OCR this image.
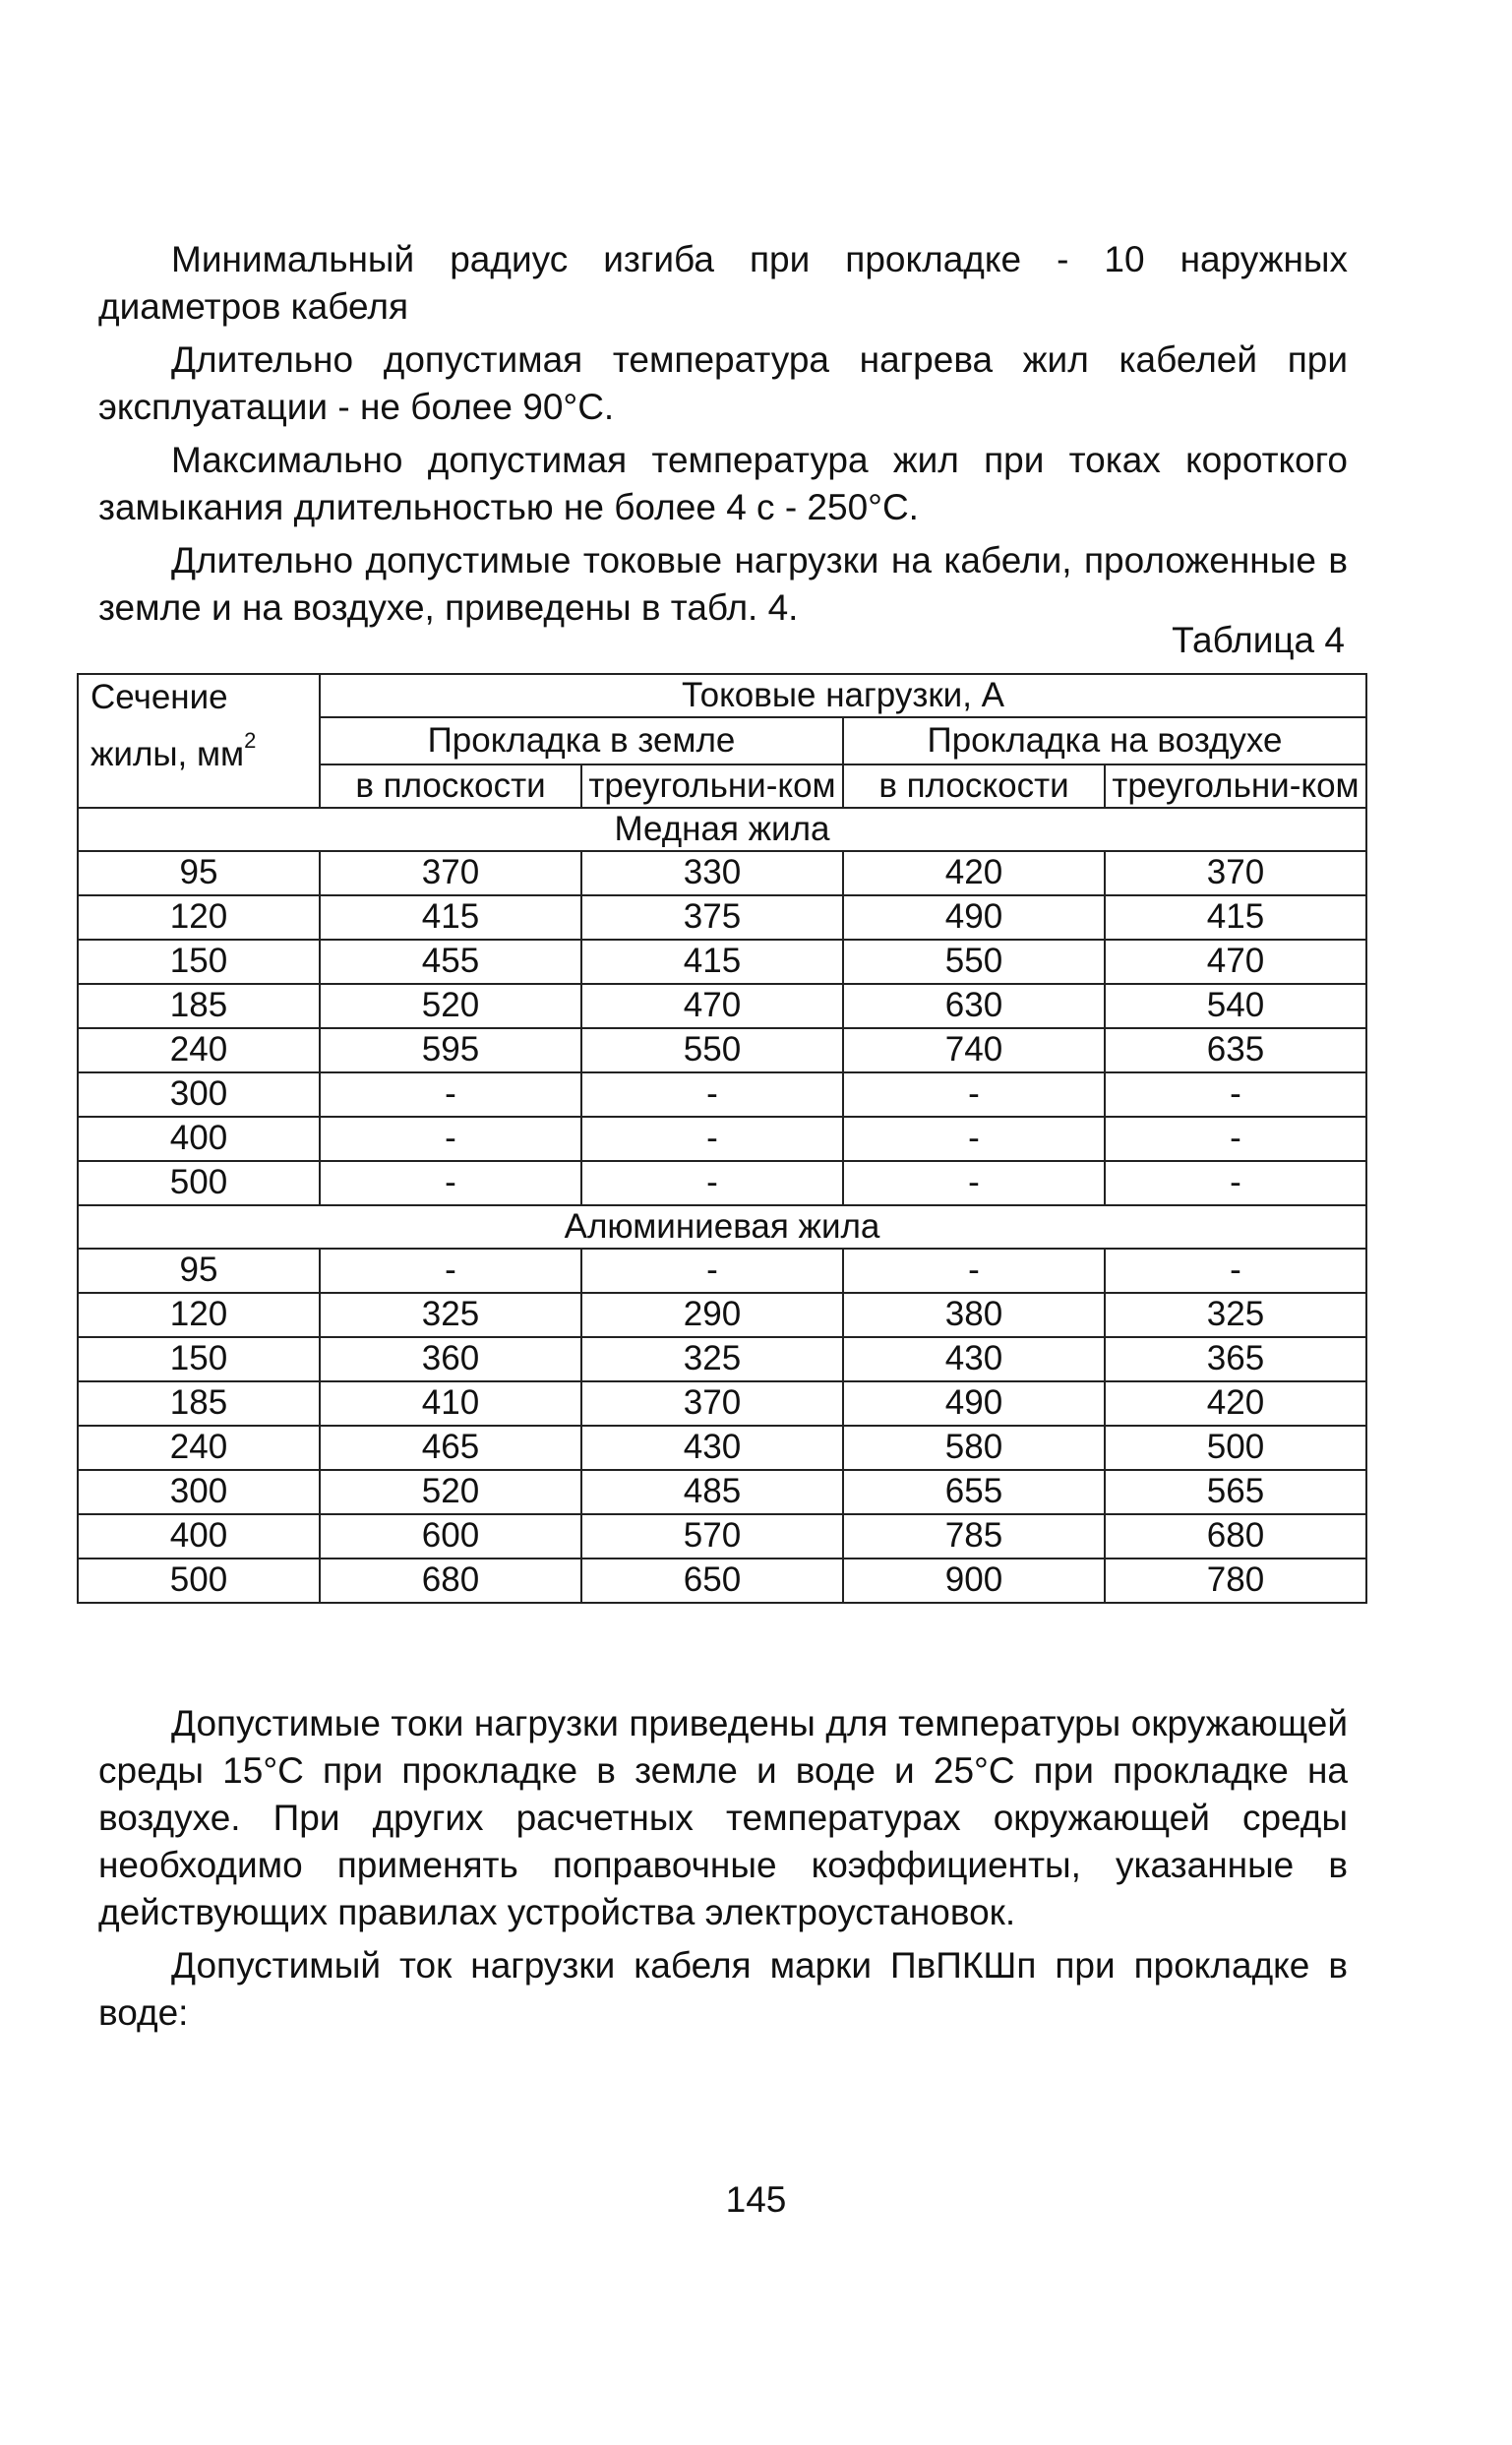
Минимальный радиус изгиба при прокладке - 10 наружных диаметров кабеля

Длительно допустимая температура нагрева жил кабелей при эксплуатации - не более 90°С.

Максимально допустимая температура жил при токах короткого замыкания длительностью не более 4 с - 250°С.

Длительно допустимые токовые нагрузки на кабели, проложенные в земле и на воздухе, приведены в табл. 4.

Таблица 4
Сечение жилы, $мм^2$	Токовые нагрузки, А			
	Прокладка в земле		Прокладка на воздухе	
	в плоскости	треугольни-ком	в плоскости	треугольни-ком
Медная жила				
95	370	330	420	370
120	415	375	490	415
150	455	415	550	470
185	520	470	630	540
240	595	550	740	635
300	-	-	-	-
400	-	-	-	-
500	-	-	-	-
Алюминиевая жила				
95	-	-	-	-
120	325	290	380	325
150	360	325	430	365
185	410	370	490	420
240	465	430	580	500
300	520	485	655	565
400	600	570	785	680
500	680	650	900	780

Допустимые токи нагрузки приведены для температуры окружающей среды 15°С при прокладке в земле и воде и 25°С при прокладке на воздухе. При других расчетных температурах окружающей среды необходимо применять поправочные коэффициенты, указанные в действующих правилах устройства электроустановок.

Допустимый ток нагрузки кабеля марки ПвПКШп при прокладке в воде:

145
